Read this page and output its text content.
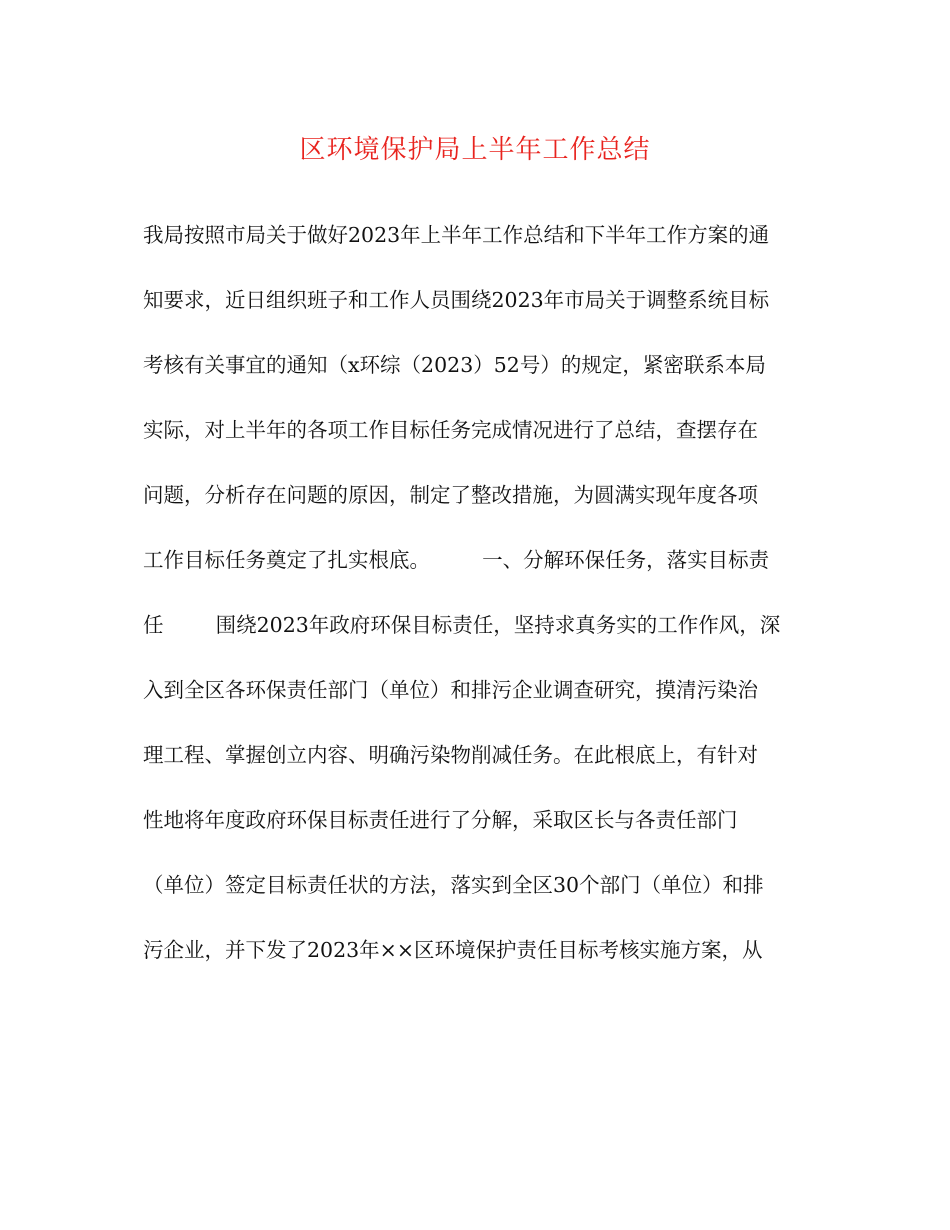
区环境保护局上半年工作总结
我局按照市局关于做好2023年上半年工作总结和下半年工作方案的通
知要求，近日组织班子和工作人员围绕2023年市局关于调整系统目标
考核有关事宜的通知（x环综（2023）52号）的规定，紧密联系本局
实际，对上半年的各项工作目标任务完成情况进行了总结，查摆存在
问题，分析存在问题的原因，制定了整改措施，为圆满实现年度各项
工作目标任务奠定了扎实根底。        一、分解环保任务，落实目标责
任        围绕2023年政府环保目标责任，坚持求真务实的工作作风，深
入到全区各环保责任部门（单位）和排污企业调查研究，摸清污染治
理工程、掌握创立内容、明确污染物削减任务。在此根底上，有针对
性地将年度政府环保目标责任进行了分解，采取区长与各责任部门
（单位）签定目标责任状的方法，落实到全区30个部门（单位）和排
污企业，并下发了2023年××区环境保护责任目标考核实施方案，从
